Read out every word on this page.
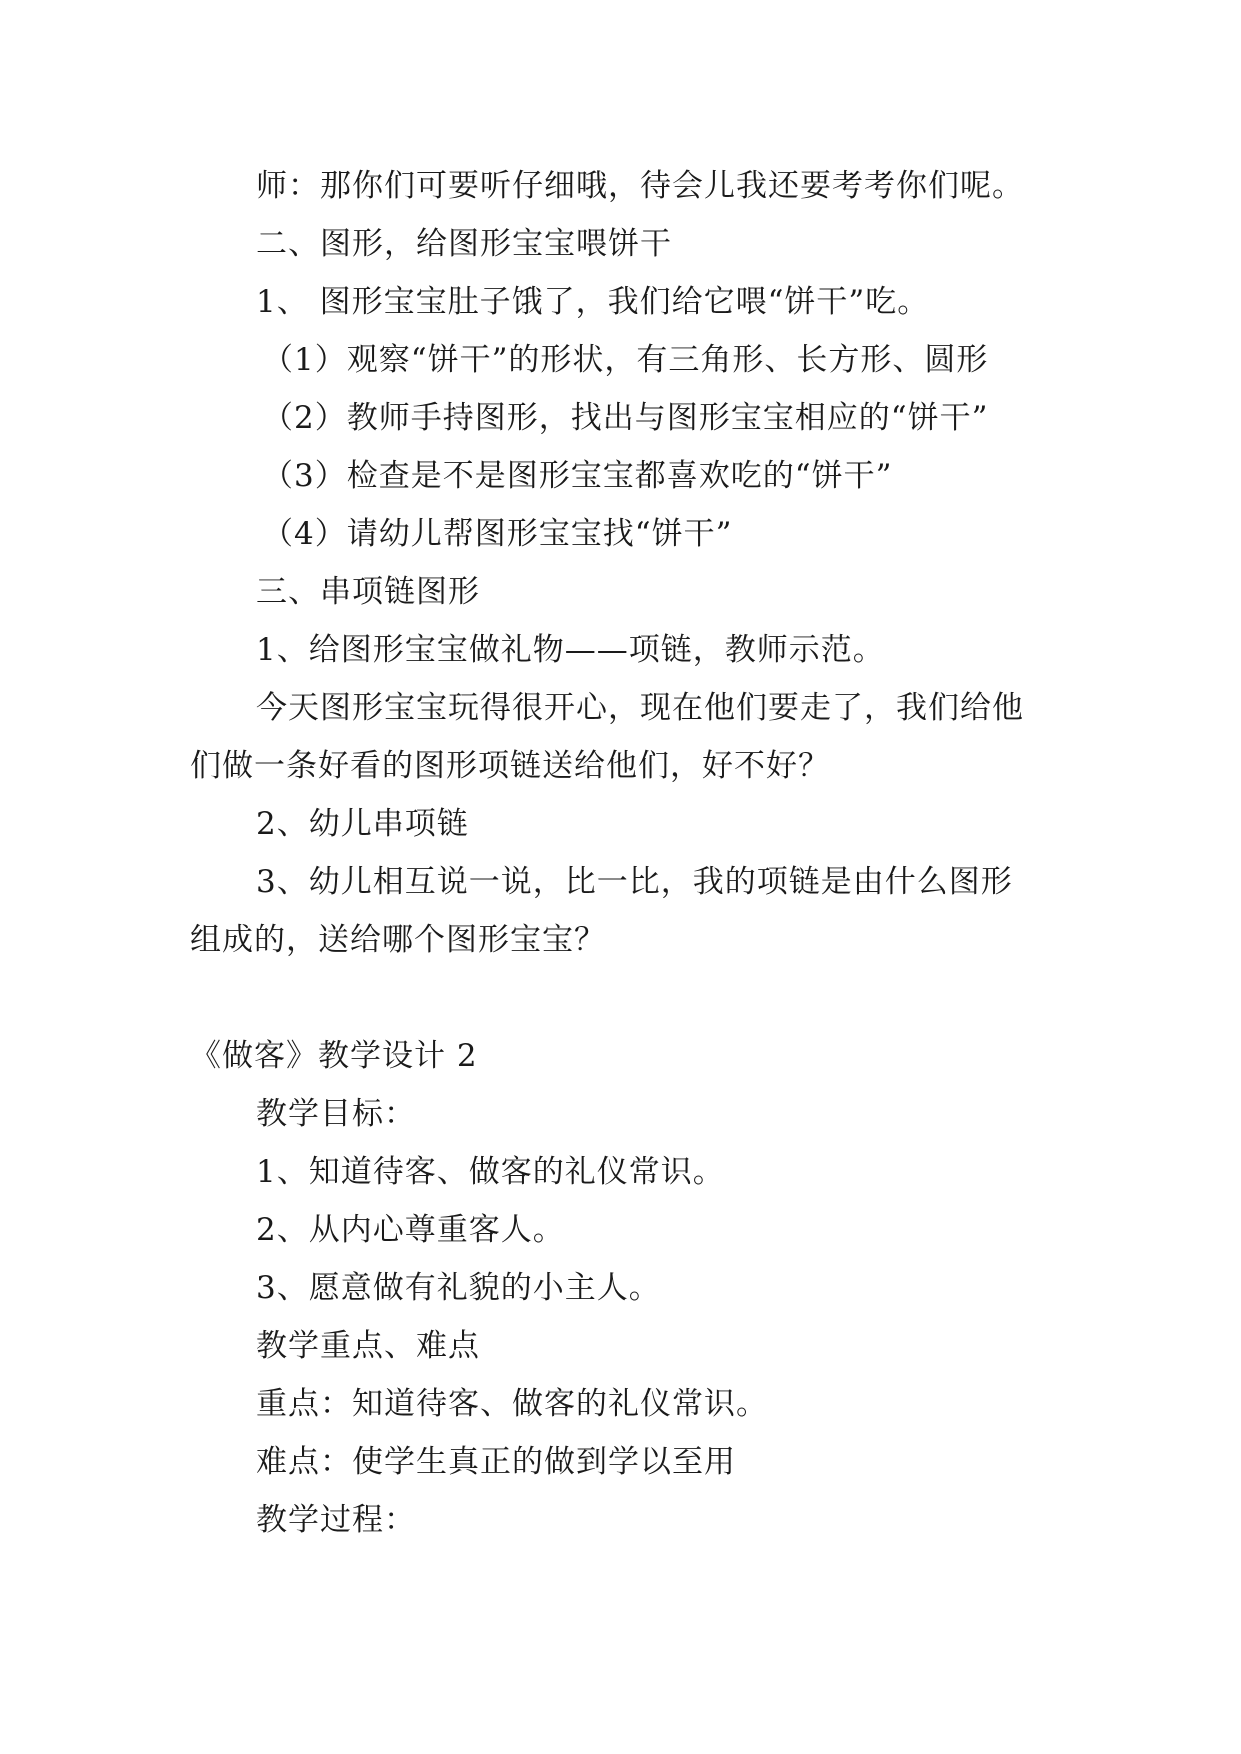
师：那你们可要听仔细哦，待会儿我还要考考你们呢。
二、图形，给图形宝宝喂饼干
1、 图形宝宝肚子饿了，我们给它喂“饼干”吃。
（1）观察“饼干”的形状，有三角形、长方形、圆形
（2）教师手持图形，找出与图形宝宝相应的“饼干”
（3）检查是不是图形宝宝都喜欢吃的“饼干”
（4）请幼儿帮图形宝宝找“饼干”
三、串项链图形
1、给图形宝宝做礼物——项链，教师示范。
今天图形宝宝玩得很开心，现在他们要走了，我们给他
们做一条好看的图形项链送给他们，好不好？
2、幼儿串项链
3、幼儿相互说一说，比一比，我的项链是由什么图形
组成的，送给哪个图形宝宝？
《做客》教学设计 2
教学目标：
1、知道待客、做客的礼仪常识。
2、从内心尊重客人。
3、愿意做有礼貌的小主人。
教学重点、难点
重点：知道待客、做客的礼仪常识。
难点：使学生真正的做到学以至用
教学过程：
